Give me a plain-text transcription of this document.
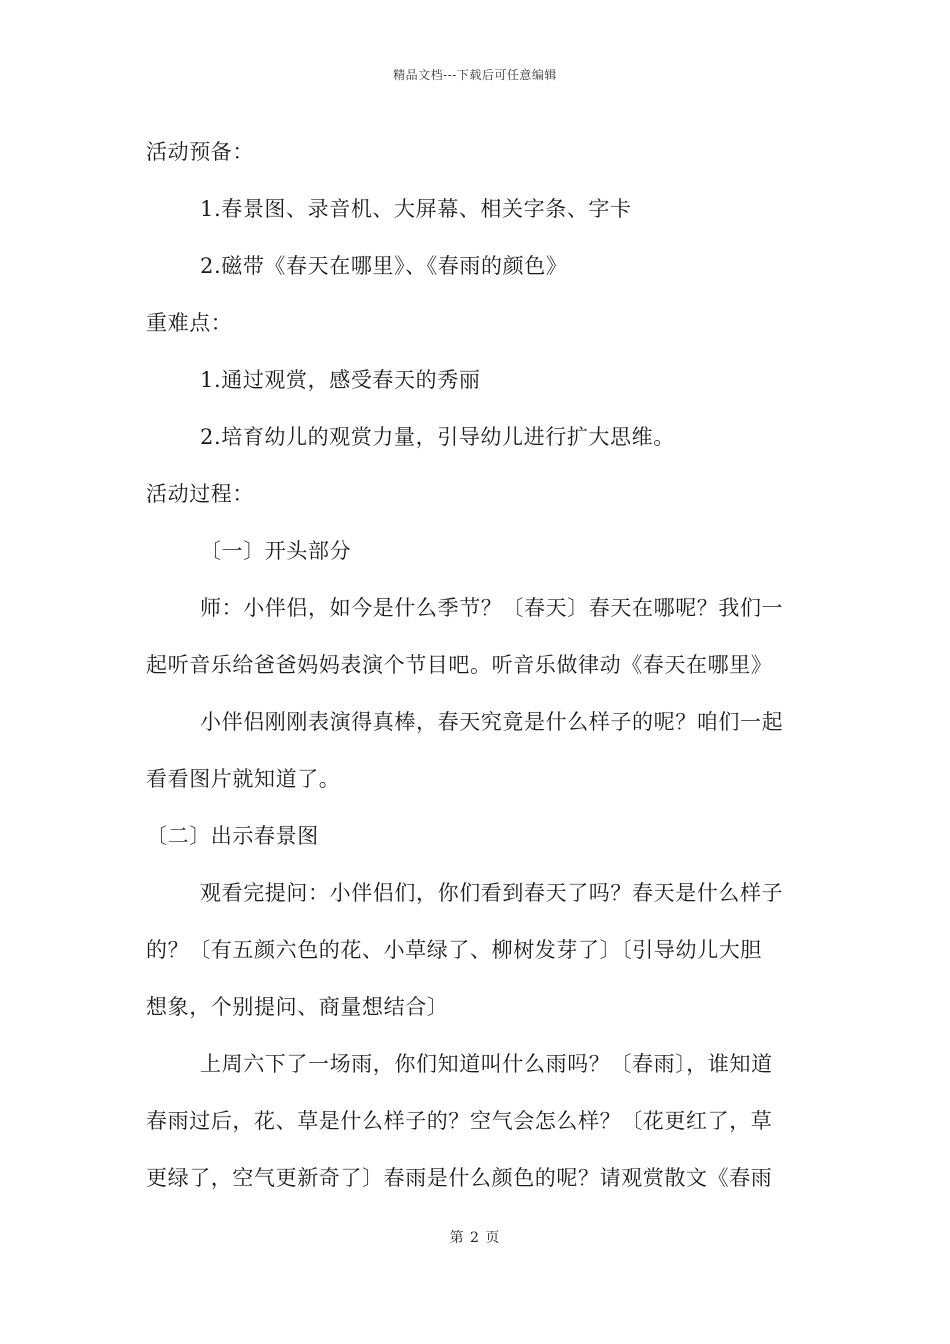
精品文档---下载后可任意编辑
活动预备：
1.春景图、录音机、大屏幕、相关字条、字卡
2.磁带《春天在哪里》、《春雨的颜色》
重难点：
1.通过观赏，感受春天的秀丽
2.培育幼儿的观赏力量，引导幼儿进行扩大思维。
活动过程：
〔一〕开头部分
师：小伴侣，如今是什么季节？〔春天〕春天在哪呢？我们一
起听音乐给爸爸妈妈表演个节目吧。听音乐做律动《春天在哪里》
小伴侣刚刚表演得真棒，春天究竟是什么样子的呢？咱们一起
看看图片就知道了。
〔二〕出示春景图
观看完提问：小伴侣们，你们看到春天了吗？春天是什么样子
的？〔有五颜六色的花、小草绿了、柳树发芽了〕〔引导幼儿大胆
想象，个别提问、商量想结合〕
上周六下了一场雨，你们知道叫什么雨吗？〔春雨〕，谁知道
春雨过后，花、草是什么样子的？空气会怎么样？〔花更红了，草
更绿了，空气更新奇了〕春雨是什么颜色的呢？请观赏散文《春雨
第 2 页
